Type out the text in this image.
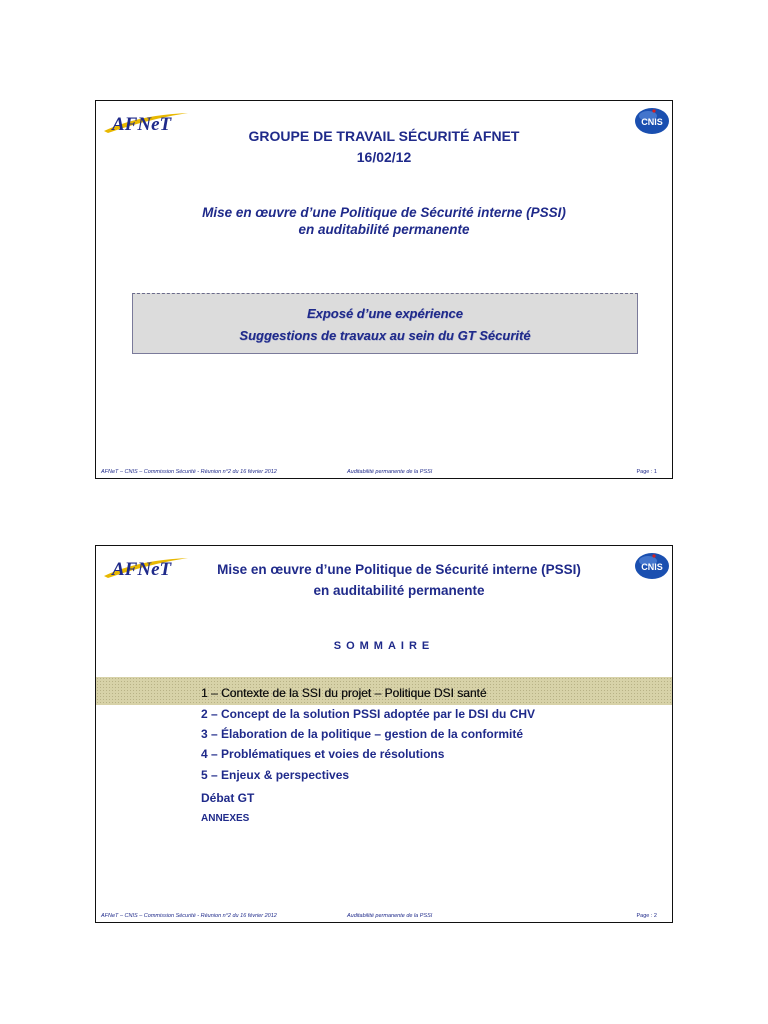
AFNeT	CNIS
GROUPE DE TRAVAIL SÉCURITÉ AFNET
16/02/12
Mise en œuvre d’une Politique de Sécurité interne (PSSI)
en auditabilité permanente
Exposé d’une expérience
Suggestions de travaux au sein du GT Sécurité
AFNeT – CNIS – Commission Sécurité - Réunion n°2 du 16 février 2012	Auditabilité permanente de la PSSI	Page : 1
AFNeT	CNIS
Mise en œuvre d’une Politique de Sécurité interne (PSSI)
en auditabilité permanente
SOMMAIRE
1 – Contexte de la SSI du projet – Politique DSI santé
2 – Concept de la solution PSSI adoptée par le DSI du CHV
3 – Élaboration de la politique – gestion de la conformité
4 – Problématiques et voies de résolutions
5 – Enjeux & perspectives
Débat GT
ANNEXES
AFNeT – CNIS – Commission Sécurité - Réunion n°2 du 16 février 2012	Auditabilité permanente de la PSSI	Page : 2
